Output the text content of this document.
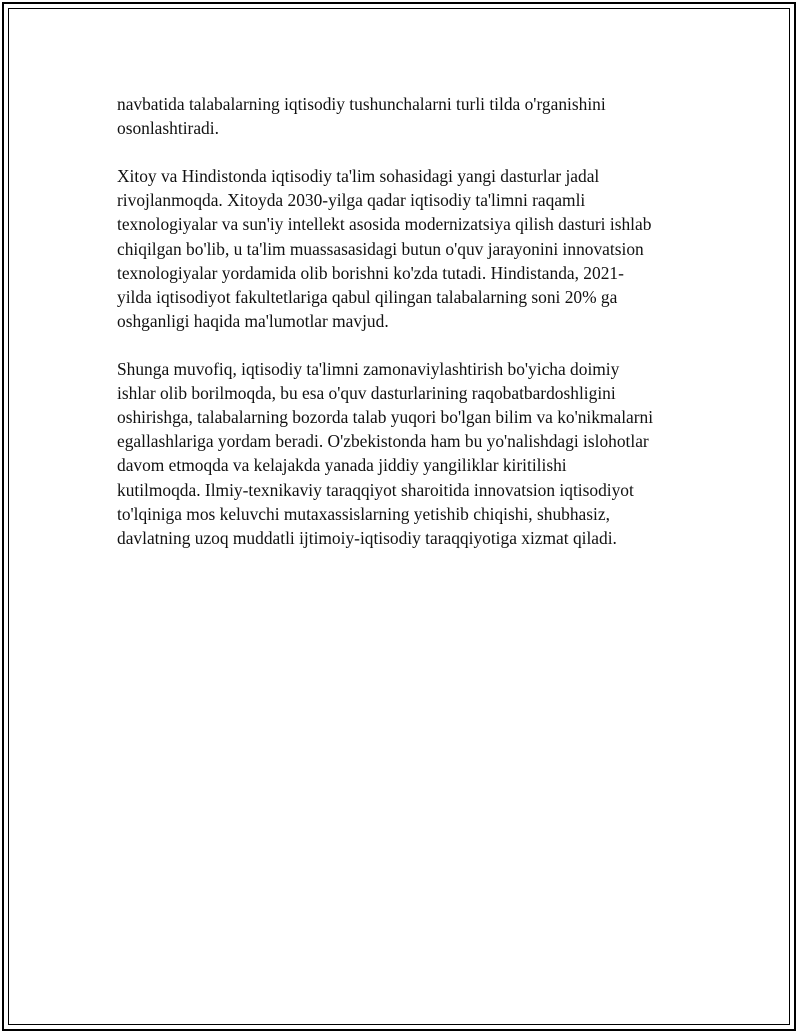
navbatida talabalarning iqtisodiy tushunchalarni turli tilda o'rganishini
osonlashtiradi.

Xitoy va Hindistonda iqtisodiy ta'lim sohasidagi yangi dasturlar jadal
rivojlanmoqda. Xitoyda 2030-yilga qadar iqtisodiy ta'limni raqamli
texnologiyalar va sun'iy intellekt asosida modernizatsiya qilish dasturi ishlab
chiqilgan bo'lib, u ta'lim muassasasidagi butun o'quv jarayonini innovatsion
texnologiyalar yordamida olib borishni ko'zda tutadi. Hindistanda, 2021-
yilda iqtisodiyot fakultetlariga qabul qilingan talabalarning soni 20% ga
oshganligi haqida ma'lumotlar mavjud.

Shunga muvofiq, iqtisodiy ta'limni zamonaviylashtirish bo'yicha doimiy
ishlar olib borilmoqda, bu esa o'quv dasturlarining raqobatbardoshligini
oshirishga, talabalarning bozorda talab yuqori bo'lgan bilim va ko'nikmalarni
egallashlariga yordam beradi. O'zbekistonda ham bu yo'nalishdagi islohotlar
davom etmoqda va kelajakda yanada jiddiy yangiliklar kiritilishi
kutilmoqda. Ilmiy-texnikaviy taraqqiyot sharoitida innovatsion iqtisodiyot
to'lqiniga mos keluvchi mutaxassislarning yetishib chiqishi, shubhasiz,
davlatning uzoq muddatli ijtimoiy-iqtisodiy taraqqiyotiga xizmat qiladi.
